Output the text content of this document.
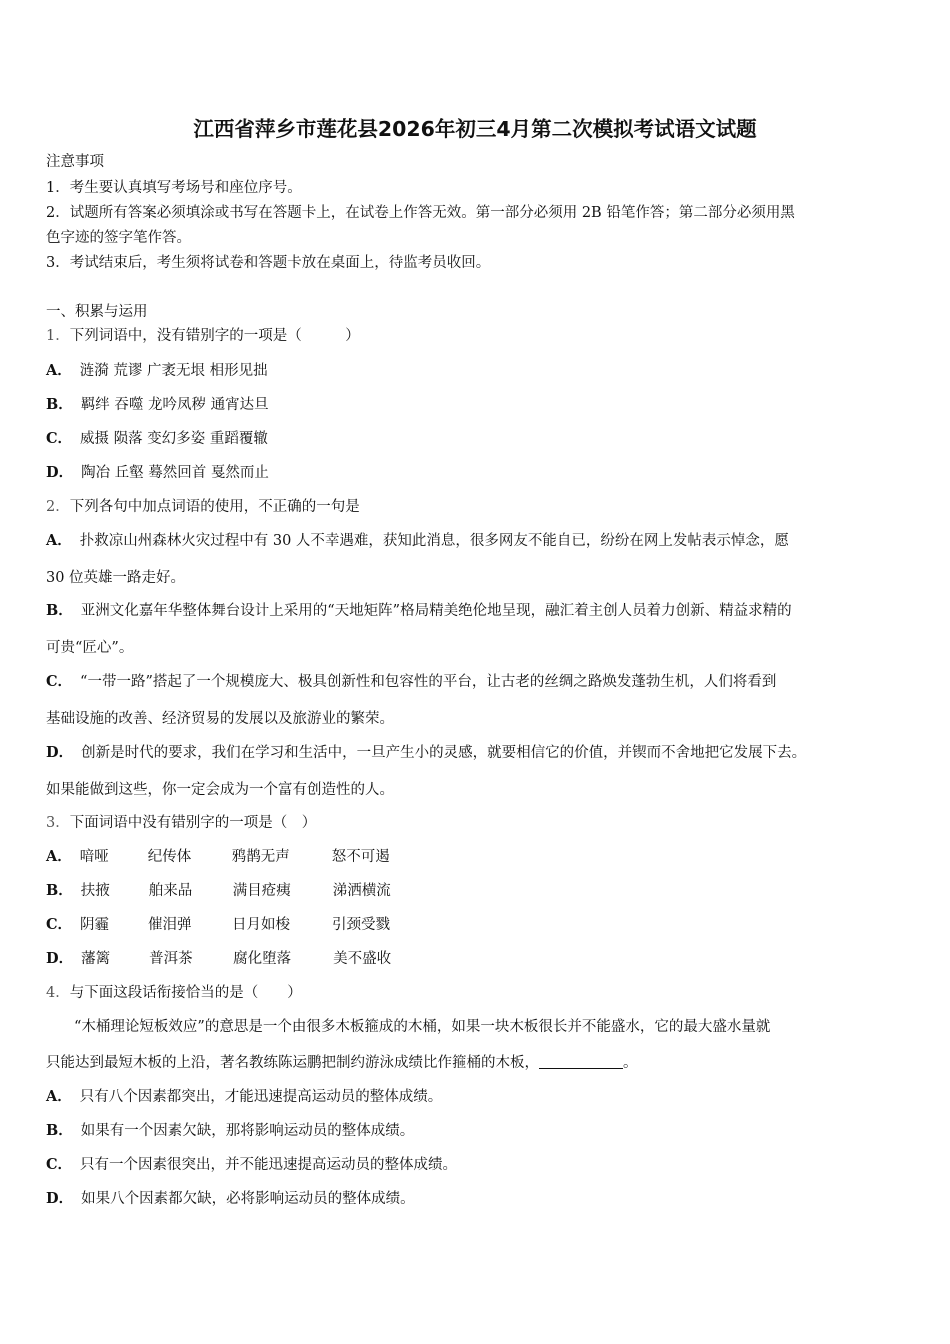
江西省萍乡市莲花县2026年初三4月第二次模拟考试语文试题
注意事项
1．考生要认真填写考场号和座位序号。
2．试题所有答案必须填涂或书写在答题卡上，在试卷上作答无效。第一部分必须用 2B 铅笔作答；第二部分必须用黑
色字迹的签字笔作答。
3．考试结束后，考生须将试卷和答题卡放在桌面上，待监考员收回。
一、积累与运用
1．下列词语中，没有错别字的一项是（　　　）
A． 涟漪 荒谬 广袤无垠 相形见拙
B． 羁绊 吞噬 龙吟凤秽 通宵达旦
C． 威摄 陨落 变幻多姿 重蹈覆辙
D． 陶冶 丘壑 蓦然回首 戛然而止
2．下列各句中加点词语的使用，不正确的一句是
A． 扑救凉山州森林火灾过程中有 30 人不幸遇难，获知此消息，很多网友不能自已，纷纷在网上发帖表示悼念，愿
30 位英雄一路走好。
B． 亚洲文化嘉年华整体舞台设计上采用的“天地矩阵”格局精美绝伦地呈现，融汇着主创人员着力创新、精益求精的
可贵“匠心”。
C． “一带一路”搭起了一个规模庞大、极具创新性和包容性的平台，让古老的丝绸之路焕发蓬勃生机，人们将看到
基础设施的改善、经济贸易的发展以及旅游业的繁荣。
D． 创新是时代的要求，我们在学习和生活中，一旦产生小的灵感，就要相信它的价值，并锲而不舍地把它发展下去。
如果能做到这些，你一定会成为一个富有创造性的人。
3．下面词语中没有错别字的一项是（　）
A． 喑哑	纪传体	鸦鹊无声	怒不可遏
B． 扶掖	舶来品	满目疮痍	涕洒横流
C． 阴霾	催泪弹	日月如梭	引颈受戮
D． 藩篱	普洱茶	腐化堕落	美不盛收
4．与下面这段话衔接恰当的是（　　）
“木桶理论短板效应”的意思是一个由很多木板箍成的木桶，如果一块木板很长并不能盛水，它的最大盛水量就
只能达到最短木板的上沿，著名教练陈运鹏把制约游泳成绩比作箍桶的木板，	。
A． 只有八个因素都突出，才能迅速提高运动员的整体成绩。
B． 如果有一个因素欠缺，那将影响运动员的整体成绩。
C． 只有一个因素很突出，并不能迅速提高运动员的整体成绩。
D． 如果八个因素都欠缺，必将影响运动员的整体成绩。
